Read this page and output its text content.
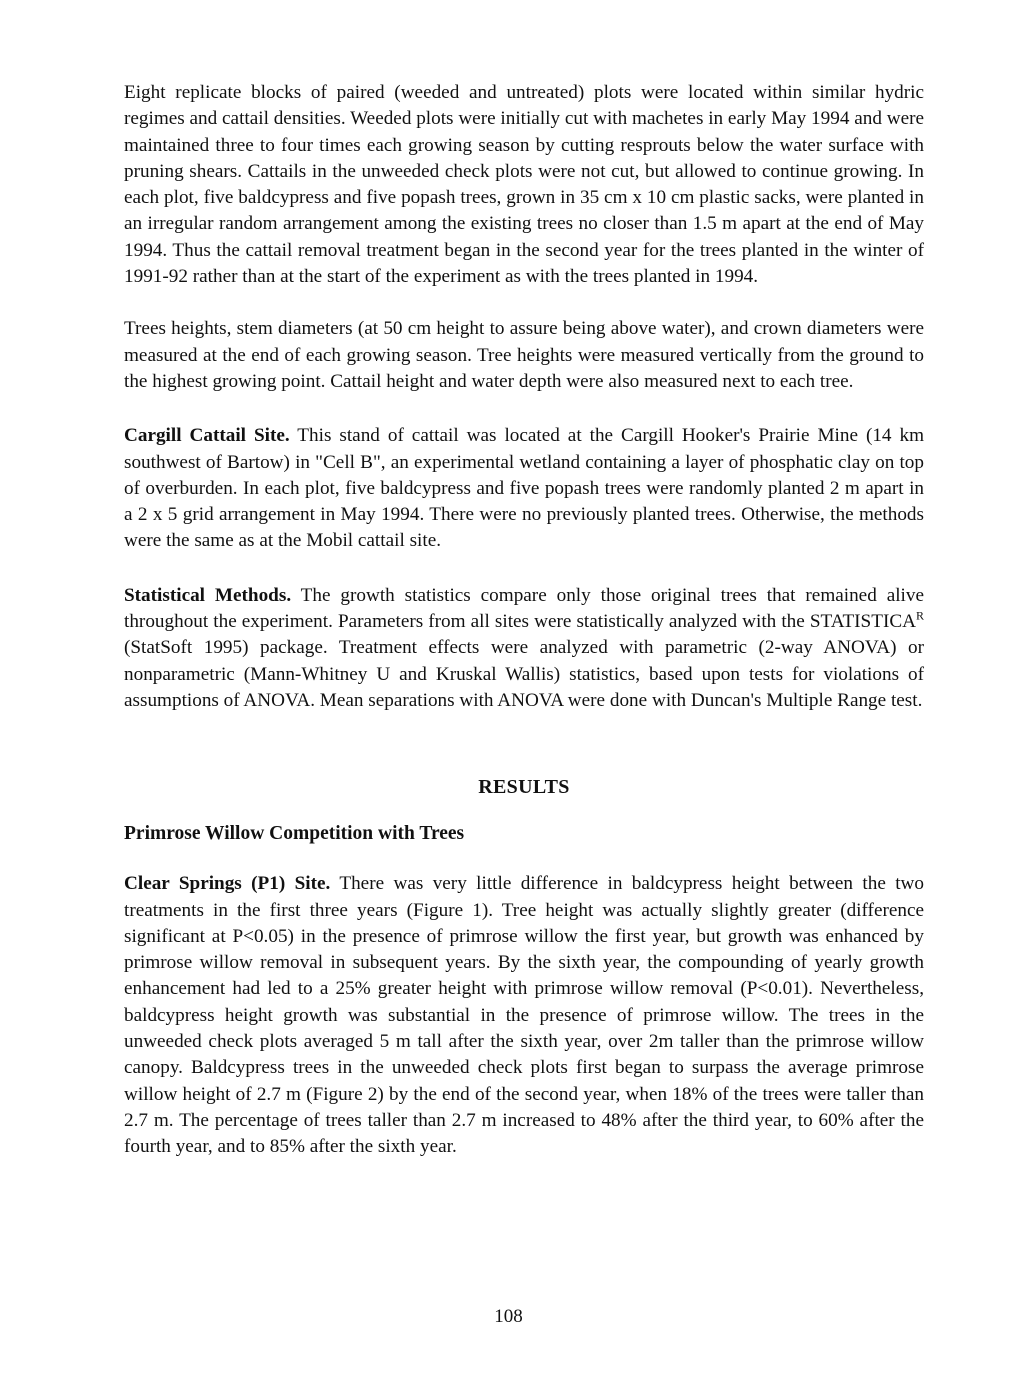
Eight replicate blocks of paired (weeded and untreated) plots were located within similar hydric regimes and cattail densities. Weeded plots were initially cut with machetes in early May 1994 and were maintained three to four times each growing season by cutting resprouts below the water surface with pruning shears. Cattails in the unweeded check plots were not cut, but allowed to continue growing. In each plot, five baldcypress and five popash trees, grown in 35 cm x 10 cm plastic sacks, were planted in an irregular random arrangement among the existing trees no closer than 1.5 m apart at the end of May 1994. Thus the cattail removal treatment began in the second year for the trees planted in the winter of 1991-92 rather than at the start of the experiment as with the trees planted in 1994.

Trees heights, stem diameters (at 50 cm height to assure being above water), and crown diameters were measured at the end of each growing season. Tree heights were measured vertically from the ground to the highest growing point. Cattail height and water depth were also measured next to each tree.

Cargill Cattail Site. This stand of cattail was located at the Cargill Hooker's Prairie Mine (14 km southwest of Bartow) in "Cell B", an experimental wetland containing a layer of phosphatic clay on top of overburden. In each plot, five baldcypress and five popash trees were randomly planted 2 m apart in a 2 x 5 grid arrangement in May 1994. There were no previously planted trees. Otherwise, the methods were the same as at the Mobil cattail site.

Statistical Methods. The growth statistics compare only those original trees that remained alive throughout the experiment. Parameters from all sites were statistically analyzed with the $STATISTICA^R$ (StatSoft 1995) package. Treatment effects were analyzed with parametric (2-way ANOVA) or nonparametric (Mann-Whitney U and Kruskal Wallis) statistics, based upon tests for violations of assumptions of ANOVA. Mean separations with ANOVA were done with Duncan's Multiple Range test.

RESULTS
Primrose Willow Competition with Trees

Clear Springs (P1) Site. There was very little difference in baldcypress height between the two treatments in the first three years (Figure 1). Tree height was actually slightly greater (difference significant at P<0.05) in the presence of primrose willow the first year, but growth was enhanced by primrose willow removal in subsequent years. By the sixth year, the compounding of yearly growth enhancement had led to a 25% greater height with primrose willow removal (P<0.01). Nevertheless, baldcypress height growth was substantial in the presence of primrose willow. The trees in the unweeded check plots averaged 5 m tall after the sixth year, over 2m taller than the primrose willow canopy. Baldcypress trees in the unweeded check plots first began to surpass the average primrose willow height of 2.7 m (Figure 2) by the end of the second year, when 18% of the trees were taller than 2.7 m. The percentage of trees taller than 2.7 m increased to 48% after the third year, to 60% after the fourth year, and to 85% after the sixth year.

108
